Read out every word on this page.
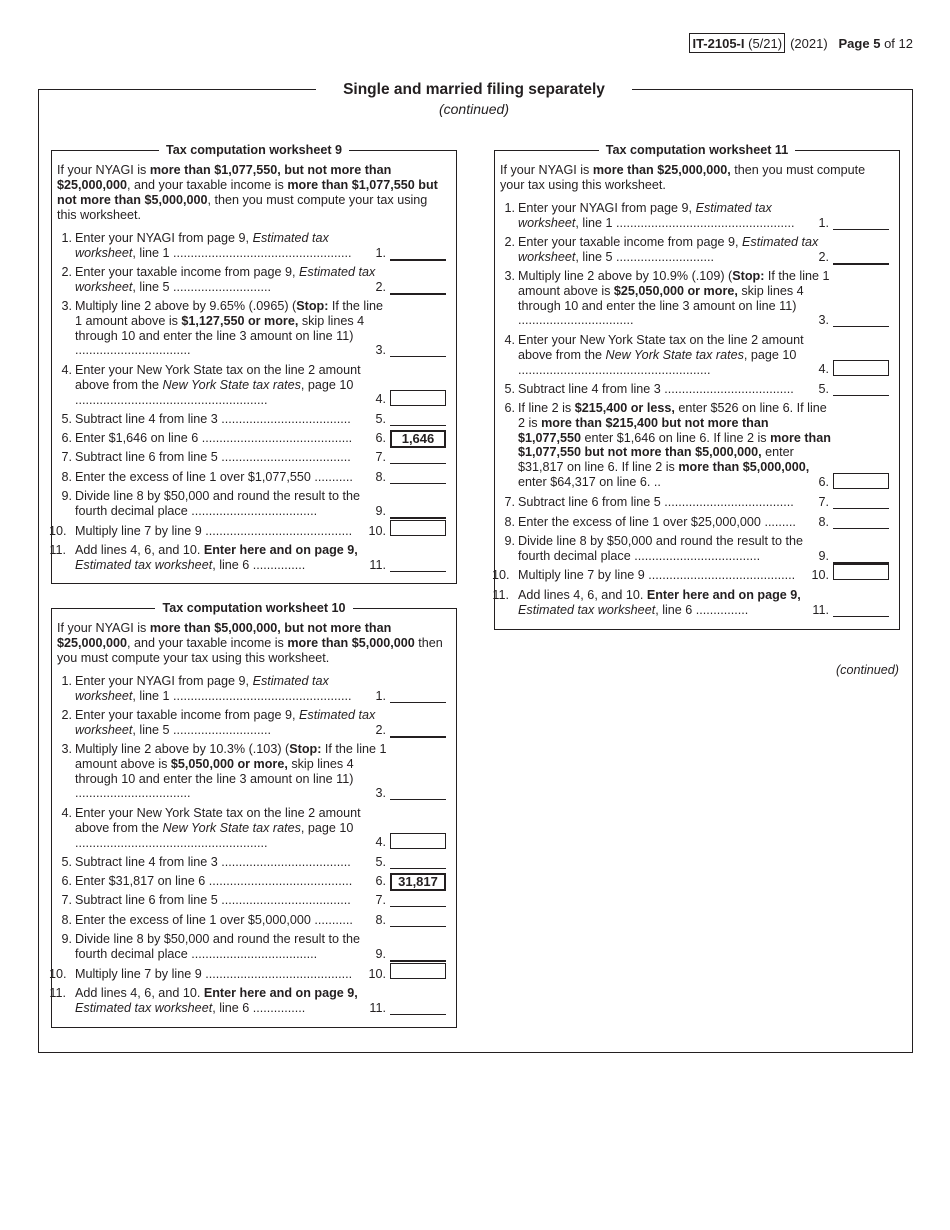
IT-2105-I (5/21) (2021)
Page
5
of 12
Single and married filing separately
(continued)
Tax computation worksheet 9
If your NYAGI is more than $1,077,550, but not more than $25,000,000, and your taxable income is more than $1,077,550 but not more than $5,000,000, then you must compute your tax using this worksheet.
1. Enter your NYAGI from page 9, Estimated tax worksheet, line 1 ...................................................	1.
2. Enter your taxable income from page 9, Estimated tax worksheet, line 5 ............................	2.
3. Multiply line 2 above by 9.65% (.0965) (Stop: If the line 1 amount above is $1,127,550 or more, skip lines 4 through 10 and enter the line 3 amount on line 11) .................................	3.
4. Enter your New York State tax on the line 2 amount above from the New York State tax rates, page 10 .......................................................	4.
5. Subtract line 4 from line 3 .....................................	5.
6. Enter $1,646 on line 6 ...........................................	6.	1,646
7. Subtract line 6 from line 5 .....................................	7.
8. Enter the excess of line 1 over $1,077,550 ...........	8.
9. Divide line 8 by $50,000 and round the result to the fourth decimal place ....................................	9.
10. Multiply line 7 by line 9 ..........................................	10.
11. Add lines 4, 6, and 10. Enter here and on page 9, Estimated tax worksheet, line 6 ...............	11.
Tax computation worksheet 10
If your NYAGI is more than $5,000,000, but not more than $25,000,000, and your taxable income is more than $5,000,000 then you must compute your tax using this worksheet.
1. Enter your NYAGI from page 9, Estimated tax worksheet, line 1 ...................................................	1.
2. Enter your taxable income from page 9, Estimated tax worksheet, line 5 ............................	2.
3. Multiply line 2 above by 10.3% (.103) (Stop: If the line 1 amount above is $5,050,000 or more, skip lines 4 through 10 and enter the line 3 amount on line 11) .................................	3.
4. Enter your New York State tax on the line 2 amount above from the New York State tax rates, page 10 .......................................................	4.
5. Subtract line 4 from line 3 .....................................	5.
6. Enter $31,817 on line 6 .........................................	6. 31,817
7. Subtract line 6 from line 5 .....................................	7.
8. Enter the excess of line 1 over $5,000,000 ...........	8.
9. Divide line 8 by $50,000 and round the result to the fourth decimal place ....................................	9.
10. Multiply line 7 by line 9 ..........................................	10.
11. Add lines 4, 6, and 10. Enter here and on page 9, Estimated tax worksheet, line 6 ...............	11.
Tax computation worksheet 11
If your NYAGI is more than $25,000,000, then you must compute your tax using this worksheet.
1. Enter your NYAGI from page 9, Estimated tax worksheet, line 1 ...................................................	1.
2. Enter your taxable income from page 9, Estimated tax worksheet, line 5 ............................	2.
3. Multiply line 2 above by 10.9% (.109) (Stop: If the line 1 amount above is $25,050,000 or more, skip lines 4 through 10 and enter the line 3 amount on line 11) .................................	3.
4. Enter your New York State tax on the line 2 amount above from the New York State tax rates, page 10 .......................................................	4.
5. Subtract line 4 from line 3 .....................................	5.
6. If line 2 is $215,400 or less, enter $526 on line 6. If line 2 is more than $215,400 but not more than $1,077,550 enter $1,646 on line 6. If line 2 is more than $1,077,550 but not more than $5,000,000, enter $31,817 on line 6. If line 2 is more than $5,000,000, enter $64,317 on line 6. ..	6.
7. Subtract line 6 from line 5 .....................................	7.
8. Enter the excess of line 1 over $25,000,000 .........	8.
9. Divide line 8 by $50,000 and round the result to the fourth decimal place ....................................	9.
10. Multiply line 7 by line 9 ..........................................	10.
11. Add lines 4, 6, and 10. Enter here and on page 9, Estimated tax worksheet, line 6 ...............	11.
(continued)
